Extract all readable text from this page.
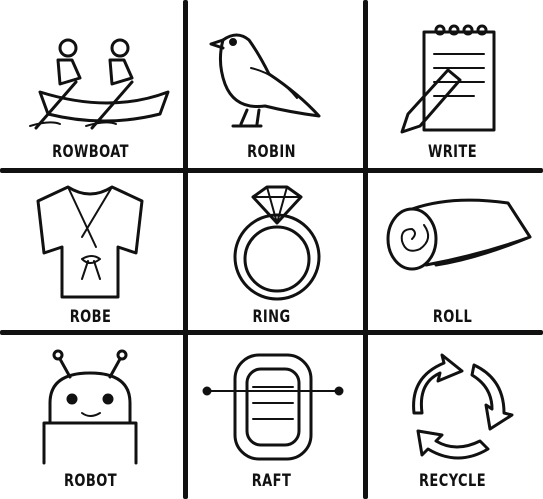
ROWBOAT	ROBIN	WRITE
ROBE	RING	ROLL
ROBOT	RAFT	RECYCLE
